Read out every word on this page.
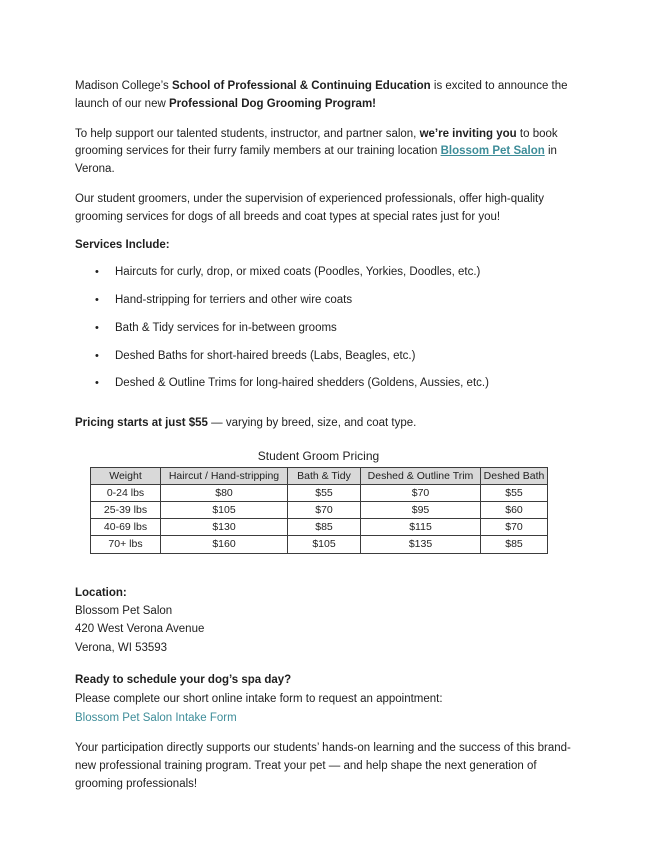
Madison College’s School of Professional & Continuing Education is excited to announce the launch of our new Professional Dog Grooming Program!

To help support our talented students, instructor, and partner salon, we’re inviting you to book grooming services for their furry family members at our training location Blossom Pet Salon in Verona.

Our student groomers, under the supervision of experienced professionals, offer high-quality grooming services for dogs of all breeds and coat types at special rates just for you!

Services Include:
•	Haircuts for curly, drop, or mixed coats (Poodles, Yorkies, Doodles, etc.)
•	Hand-stripping for terriers and other wire coats
•	Bath & Tidy services for in-between grooms
•	Deshed Baths for short-haired breeds (Labs, Beagles, etc.)
•	Deshed & Outline Trims for long-haired shedders (Goldens, Aussies, etc.)

Pricing starts at just $55 — varying by breed, size, and coat type.

Student Groom Pricing
Weight	Haircut / Hand-stripping	Bath & Tidy	Deshed & Outline Trim	Deshed Bath
0-24 lbs	$80	$55	$70	$55
25-39 lbs	$105	$70	$95	$60
40-69 lbs	$130	$85	$115	$70
70+ lbs	$160	$105	$135	$85
Location:
Blossom Pet Salon
420 West Verona Avenue
Verona, WI 53593
Ready to schedule your dog’s spa day?
Please complete our short online intake form to request an appointment:
Blossom Pet Salon Intake Form

Your participation directly supports our students’ hands-on learning and the success of this brand-new professional training program. Treat your pet — and help shape the next generation of grooming professionals!
